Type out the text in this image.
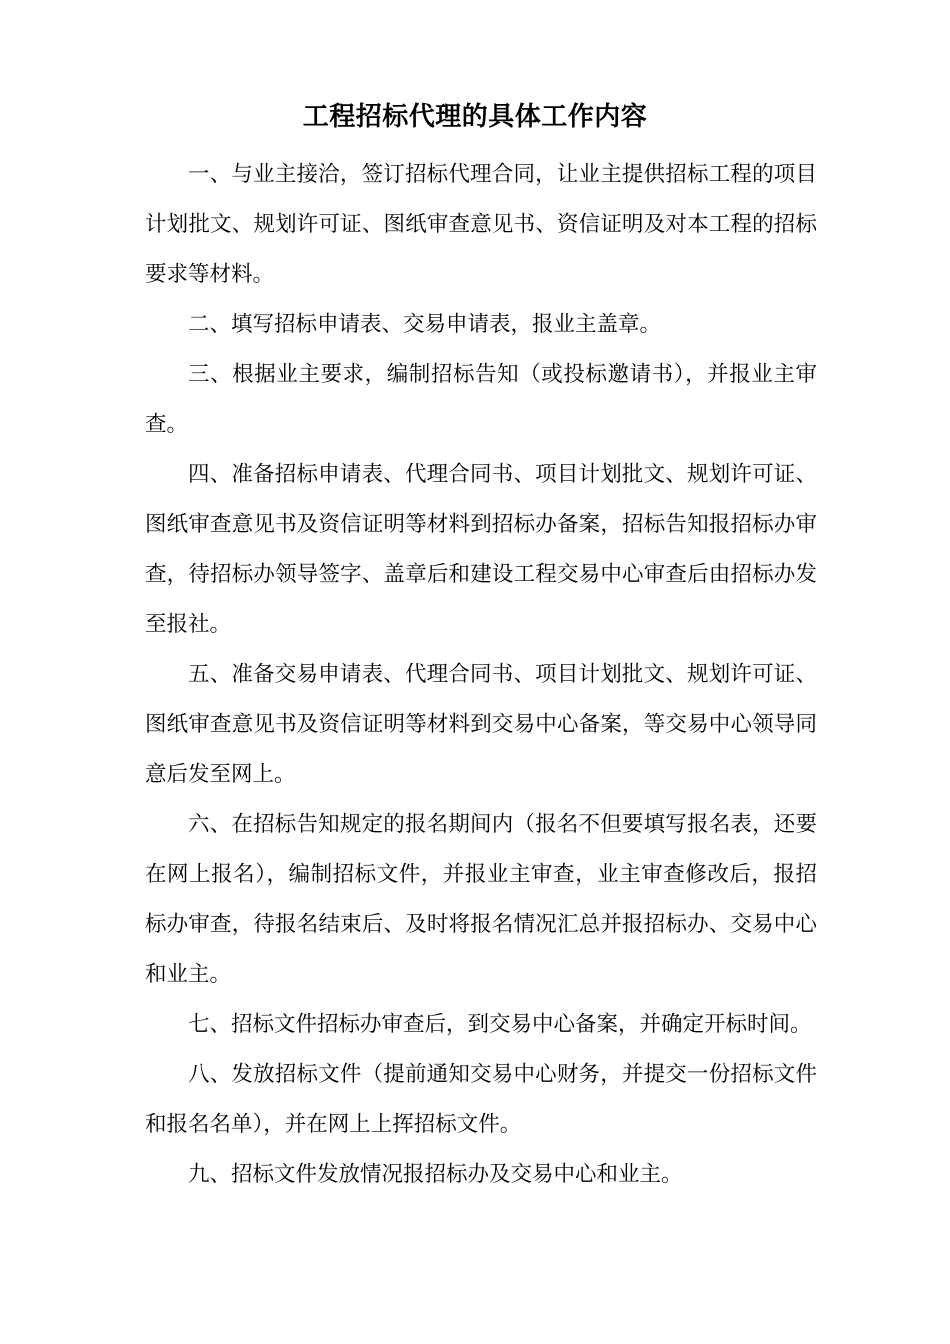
工程招标代理的具体工作内容

一、与业主接洽，签订招标代理合同，让业主提供招标工程的项目计划批文、规划许可证、图纸审查意见书、资信证明及对本工程的招标要求等材料。

二、填写招标申请表、交易申请表，报业主盖章。

三、根据业主要求，编制招标告知（或投标邀请书），并报业主审查。

四、准备招标申请表、代理合同书、项目计划批文、规划许可证、图纸审查意见书及资信证明等材料到招标办备案，招标告知报招标办审查，待招标办领导签字、盖章后和建设工程交易中心审查后由招标办发至报社。

五、准备交易申请表、代理合同书、项目计划批文、规划许可证、图纸审查意见书及资信证明等材料到交易中心备案，等交易中心领导同意后发至网上。

六、在招标告知规定的报名期间内（报名不但要填写报名表，还要在网上报名），编制招标文件，并报业主审查，业主审查修改后，报招标办审查，待报名结束后、及时将报名情况汇总并报招标办、交易中心和业主。

七、招标文件招标办审查后，到交易中心备案，并确定开标时间。

八、发放招标文件（提前通知交易中心财务，并提交一份招标文件和报名名单），并在网上上挥招标文件。

九、招标文件发放情况报招标办及交易中心和业主。
